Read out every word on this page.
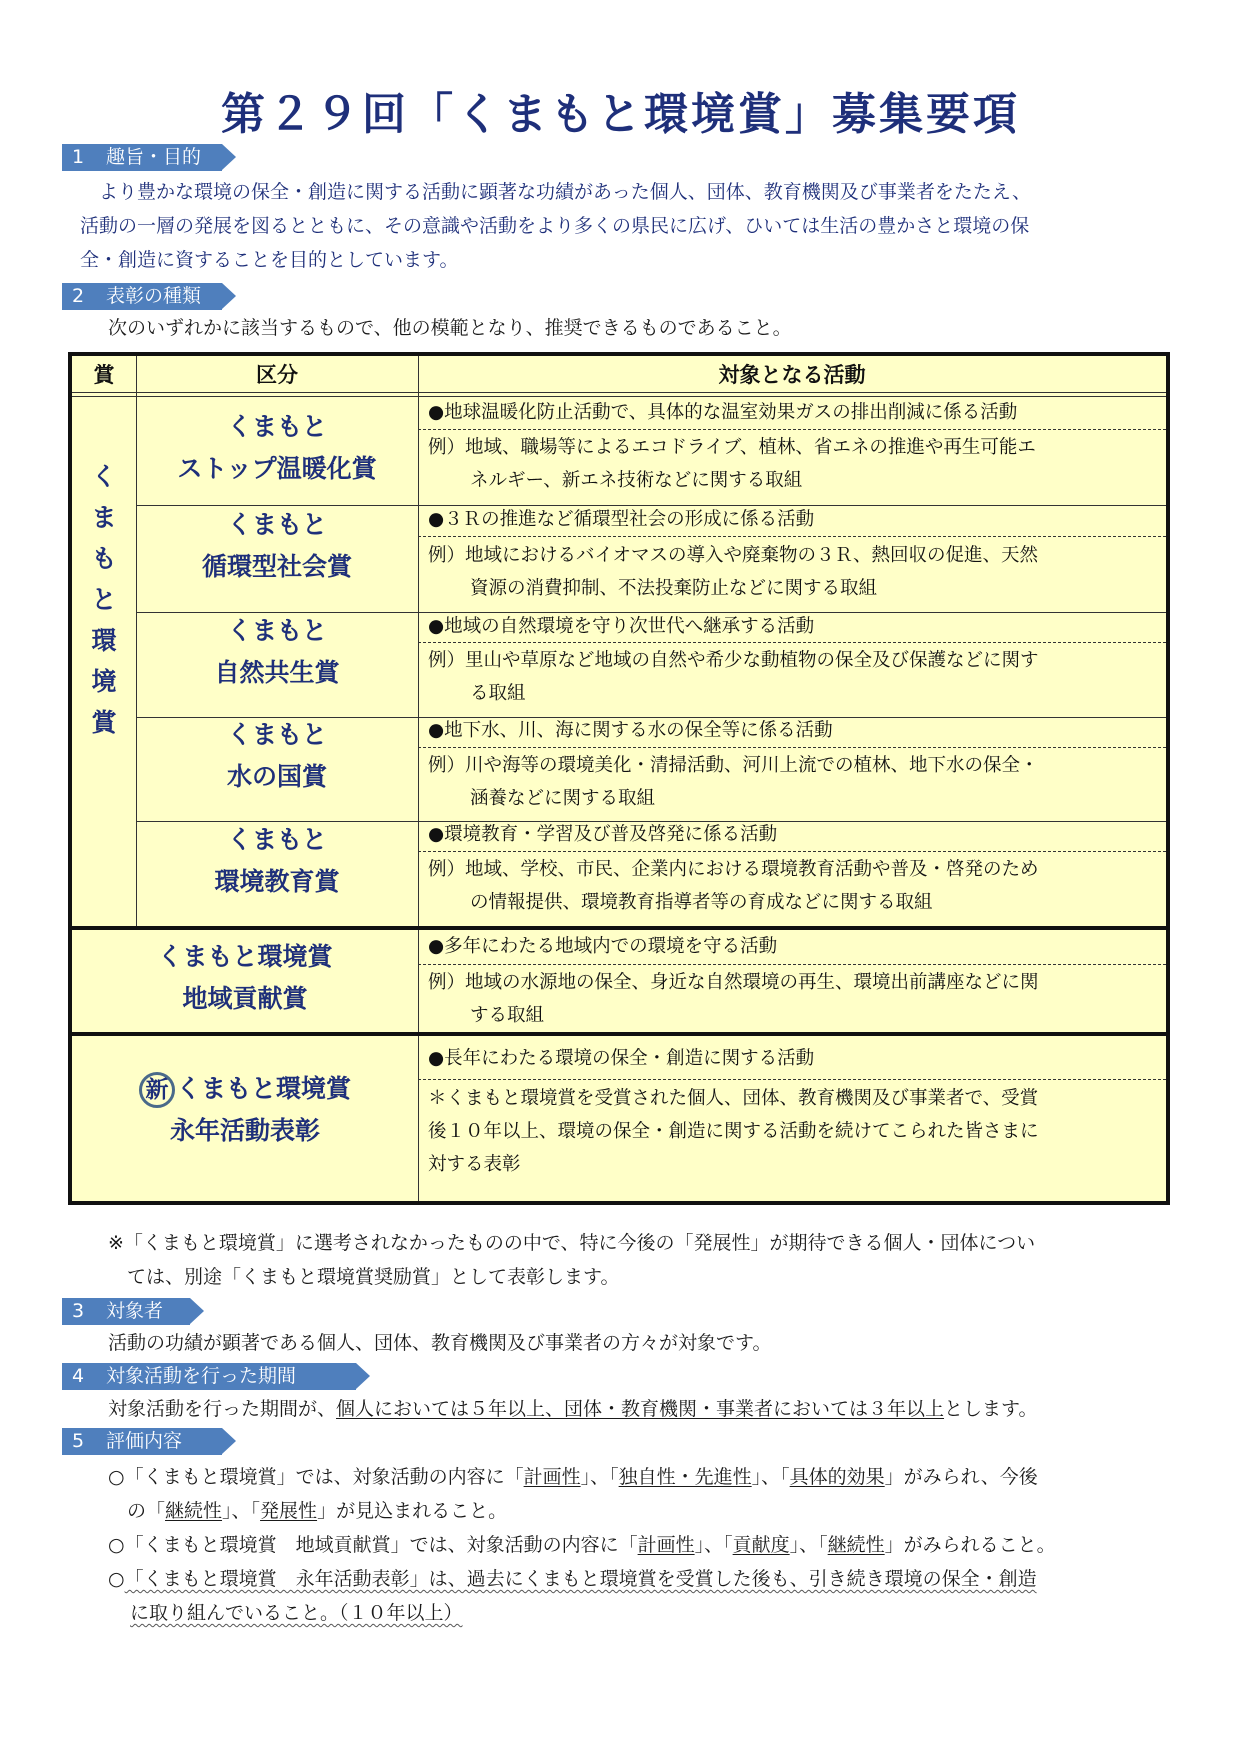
第２９回「くまもと環境賞」募集要項
1 趣旨・目的
　より豊かな環境の保全・創造に関する活動に顕著な功績があった個人、団体、教育機関及び事業者をたたえ、
活動の一層の発展を図るとともに、その意識や活動をより多くの県民に広げ、ひいては生活の豊かさと環境の保
全・創造に資することを目的としています。
2 表彰の種類
次のいずれかに該当するもので、他の模範となり、推奨できるものであること。
賞	区分	対象となる活動
く
ま
も
と
環
境
賞
くまもと
ストップ温暖化賞
●地球温暖化防止活動で、具体的な温室効果ガスの排出削減に係る活動
例）地域、職場等によるエコドライブ、植林、省エネの推進や再生可能エ
ネルギー、新エネ技術などに関する取組
くまもと
循環型社会賞
●３Ｒの推進など循環型社会の形成に係る活動
例）地域におけるバイオマスの導入や廃棄物の３Ｒ、熱回収の促進、天然
資源の消費抑制、不法投棄防止などに関する取組
くまもと
自然共生賞
●地域の自然環境を守り次世代へ継承する活動
例）里山や草原など地域の自然や希少な動植物の保全及び保護などに関す
る取組
くまもと
水の国賞
●地下水、川、海に関する水の保全等に係る活動
例）川や海等の環境美化・清掃活動、河川上流での植林、地下水の保全・
涵養などに関する取組
くまもと
環境教育賞
●環境教育・学習及び普及啓発に係る活動
例）地域、学校、市民、企業内における環境教育活動や普及・啓発のため
の情報提供、環境教育指導者等の育成などに関する取組
くまもと環境賞
地域貢献賞
●多年にわたる地域内での環境を守る活動
例）地域の水源地の保全、身近な自然環境の再生、環境出前講座などに関
する取組
新 くまもと環境賞
永年活動表彰
●長年にわたる環境の保全・創造に関する活動
＊くまもと環境賞を受賞された個人、団体、教育機関及び事業者で、受賞
後１０年以上、環境の保全・創造に関する活動を続けてこられた皆さまに
対する表彰
※「くまもと環境賞」に選考されなかったものの中で、特に今後の「発展性」が期待できる個人・団体につい
　ては、別途「くまもと環境賞奨励賞」として表彰します。
3 対象者
活動の功績が顕著である個人、団体、教育機関及び事業者の方々が対象です。
4 対象活動を行った期間
対象活動を行った期間が、個人においては５年以上、団体・教育機関・事業者においては３年以上とします。
5 評価内容
○「くまもと環境賞」では、対象活動の内容に「計画性」、「独自性・先進性」、「具体的効果」がみられ、今後
　の「継続性」、「発展性」が見込まれること。
○「くまもと環境賞　地域貢献賞」では、対象活動の内容に「計画性」、「貢献度」、「継続性」がみられること。
○「くまもと環境賞　永年活動表彰」は、過去にくまもと環境賞を受賞した後も、引き続き環境の保全・創造
に取り組んでいること。（１０年以上）
